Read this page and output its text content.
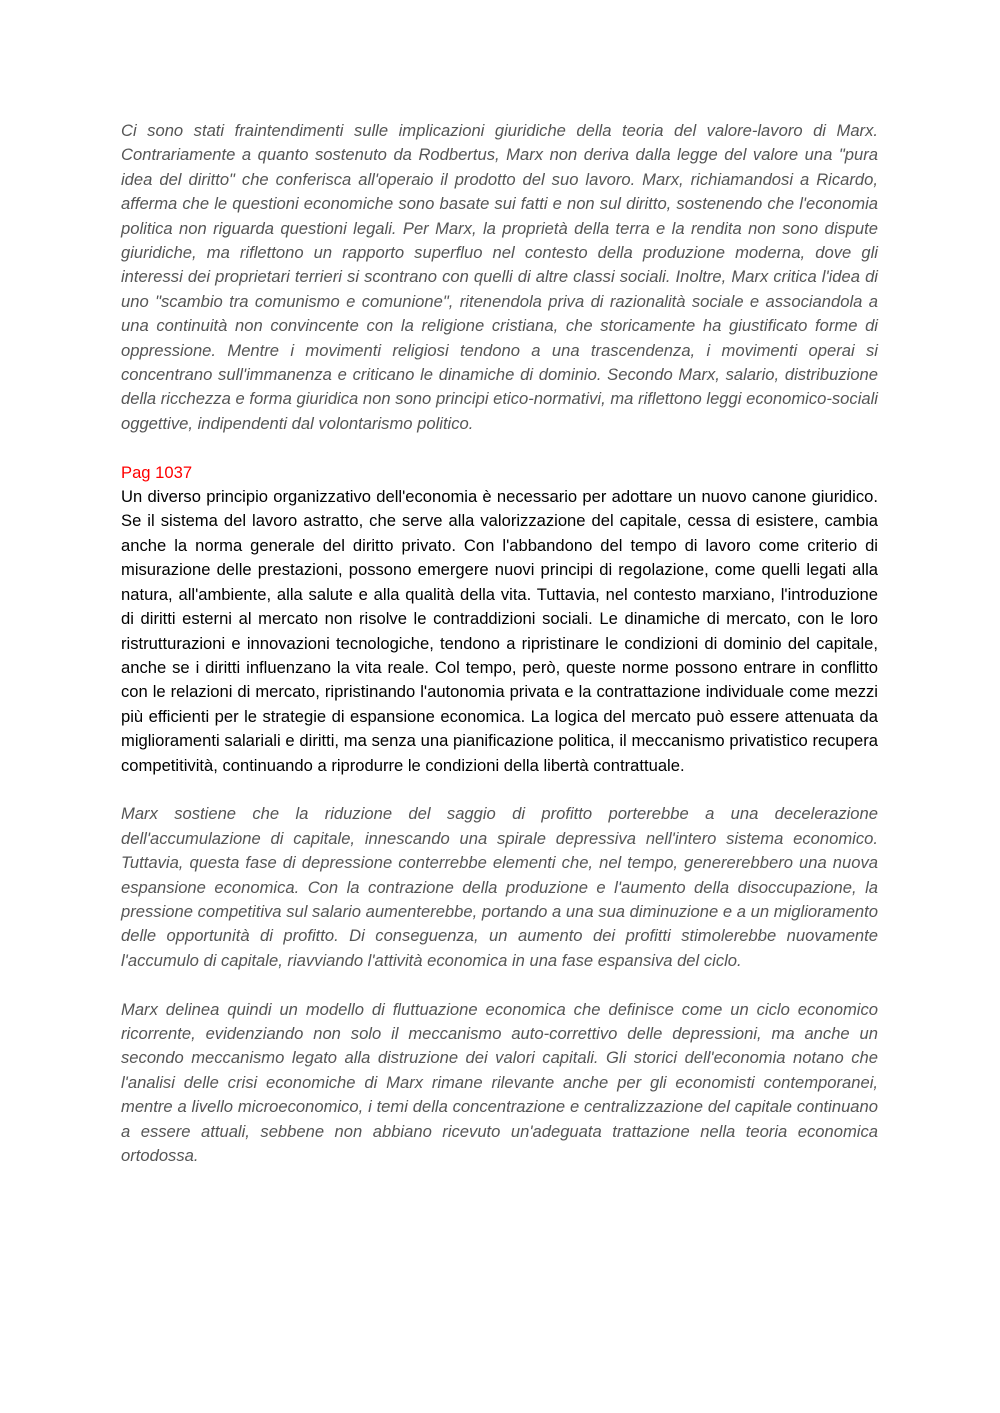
Ci sono stati fraintendimenti sulle implicazioni giuridiche della teoria del valore-lavoro di Marx. Contrariamente a quanto sostenuto da Rodbertus, Marx non deriva dalla legge del valore una "pura idea del diritto" che conferisca all'operaio il prodotto del suo lavoro. Marx, richiamandosi a Ricardo, afferma che le questioni economiche sono basate sui fatti e non sul diritto, sostenendo che l'economia politica non riguarda questioni legali. Per Marx, la proprietà della terra e la rendita non sono dispute giuridiche, ma riflettono un rapporto superfluo nel contesto della produzione moderna, dove gli interessi dei proprietari terrieri si scontrano con quelli di altre classi sociali. Inoltre, Marx critica l'idea di uno "scambio tra comunismo e comunione", ritenendola priva di razionalità sociale e associandola a una continuità non convincente con la religione cristiana, che storicamente ha giustificato forme di oppressione. Mentre i movimenti religiosi tendono a una trascendenza, i movimenti operai si concentrano sull'immanenza e criticano le dinamiche di dominio. Secondo Marx, salario, distribuzione della ricchezza e forma giuridica non sono principi etico-normativi, ma riflettono leggi economico-sociali oggettive, indipendenti dal volontarismo politico.

Pag 1037

Un diverso principio organizzativo dell'economia è necessario per adottare un nuovo canone giuridico. Se il sistema del lavoro astratto, che serve alla valorizzazione del capitale, cessa di esistere, cambia anche la norma generale del diritto privato. Con l'abbandono del tempo di lavoro come criterio di misurazione delle prestazioni, possono emergere nuovi principi di regolazione, come quelli legati alla natura, all'ambiente, alla salute e alla qualità della vita. Tuttavia, nel contesto marxiano, l'introduzione di diritti esterni al mercato non risolve le contraddizioni sociali. Le dinamiche di mercato, con le loro ristrutturazioni e innovazioni tecnologiche, tendono a ripristinare le condizioni di dominio del capitale, anche se i diritti influenzano la vita reale. Col tempo, però, queste norme possono entrare in conflitto con le relazioni di mercato, ripristinando l'autonomia privata e la contrattazione individuale come mezzi più efficienti per le strategie di espansione economica. La logica del mercato può essere attenuata da miglioramenti salariali e diritti, ma senza una pianificazione politica, il meccanismo privatistico recupera competitività, continuando a riprodurre le condizioni della libertà contrattuale.

Marx sostiene che la riduzione del saggio di profitto porterebbe a una decelerazione dell'accumulazione di capitale, innescando una spirale depressiva nell'intero sistema economico. Tuttavia, questa fase di depressione conterrebbe elementi che, nel tempo, genererebbero una nuova espansione economica. Con la contrazione della produzione e l'aumento della disoccupazione, la pressione competitiva sul salario aumenterebbe, portando a una sua diminuzione e a un miglioramento delle opportunità di profitto. Di conseguenza, un aumento dei profitti stimolerebbe nuovamente l'accumulo di capitale, riavviando l'attività economica in una fase espansiva del ciclo.

Marx delinea quindi un modello di fluttuazione economica che definisce come un ciclo economico ricorrente, evidenziando non solo il meccanismo auto-correttivo delle depressioni, ma anche un secondo meccanismo legato alla distruzione dei valori capitali. Gli storici dell'economia notano che l'analisi delle crisi economiche di Marx rimane rilevante anche per gli economisti contemporanei, mentre a livello microeconomico, i temi della concentrazione e centralizzazione del capitale continuano a essere attuali, sebbene non abbiano ricevuto un'adeguata trattazione nella teoria economica ortodossa.
